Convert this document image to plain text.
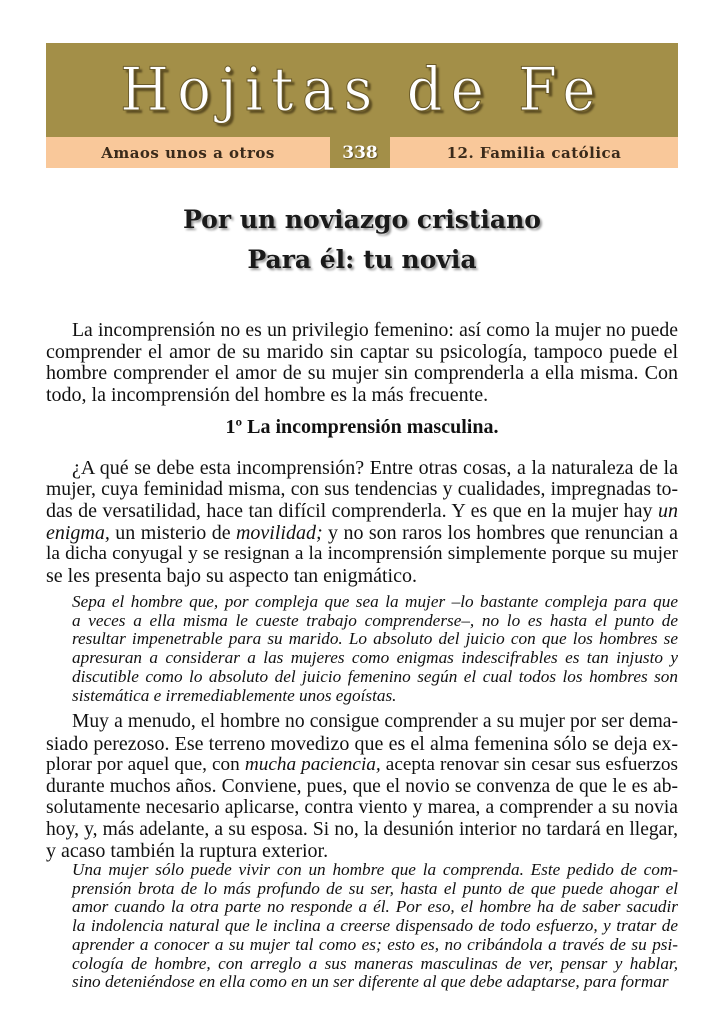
Hojitas de Fe
Amaos unos a otros	338	12. Familia católica
Por un noviazgo cristiano
Para él: tu novia
La incomprensión no es un privilegio femenino: así como la mujer no puede
comprender el amor de su marido sin captar su psicología, tampoco puede el
hombre comprender el amor de su mujer sin comprenderla a ella misma. Con
todo, la incomprensión del hombre es la más frecuente.
1º La incomprensión masculina.
¿A qué se debe esta incomprensión? Entre otras cosas, a la naturaleza de la
mujer, cuya feminidad misma, con sus tendencias y cualidades, impregnadas to-
das de versatilidad, hace tan difícil comprenderla. Y es que en la mujer hay un
enigma, un misterio de movilidad; y no son raros los hombres que renuncian a
la dicha conyugal y se resignan a la incomprensión simplemente porque su mujer
se les presenta bajo su aspecto tan enigmático.
Sepa el hombre que, por compleja que sea la mujer –lo bastante compleja para que
a veces a ella misma le cueste trabajo comprenderse–, no lo es hasta el punto de
resultar impenetrable para su marido. Lo absoluto del juicio con que los hombres se
apresuran a considerar a las mujeres como enigmas indescifrables es tan injusto y
discutible como lo absoluto del juicio femenino según el cual todos los hombres son
sistemática e irremediablemente unos egoístas.
Muy a menudo, el hombre no consigue comprender a su mujer por ser dema-
siado perezoso. Ese terreno movedizo que es el alma femenina sólo se deja ex-
plorar por aquel que, con mucha paciencia, acepta renovar sin cesar sus esfuerzos
durante muchos años. Conviene, pues, que el novio se convenza de que le es ab-
solutamente necesario aplicarse, contra viento y marea, a comprender a su novia
hoy, y, más adelante, a su esposa. Si no, la desunión interior no tardará en llegar,
y acaso también la ruptura exterior.
Una mujer sólo puede vivir con un hombre que la comprenda. Este pedido de com-
prensión brota de lo más profundo de su ser, hasta el punto de que puede ahogar el
amor cuando la otra parte no responde a él. Por eso, el hombre ha de saber sacudir
la indolencia natural que le inclina a creerse dispensado de todo esfuerzo, y tratar de
aprender a conocer a su mujer tal como es; esto es, no cribándola a través de su psi-
cología de hombre, con arreglo a sus maneras masculinas de ver, pensar y hablar,
sino deteniéndose en ella como en un ser diferente al que debe adaptarse, para formar
